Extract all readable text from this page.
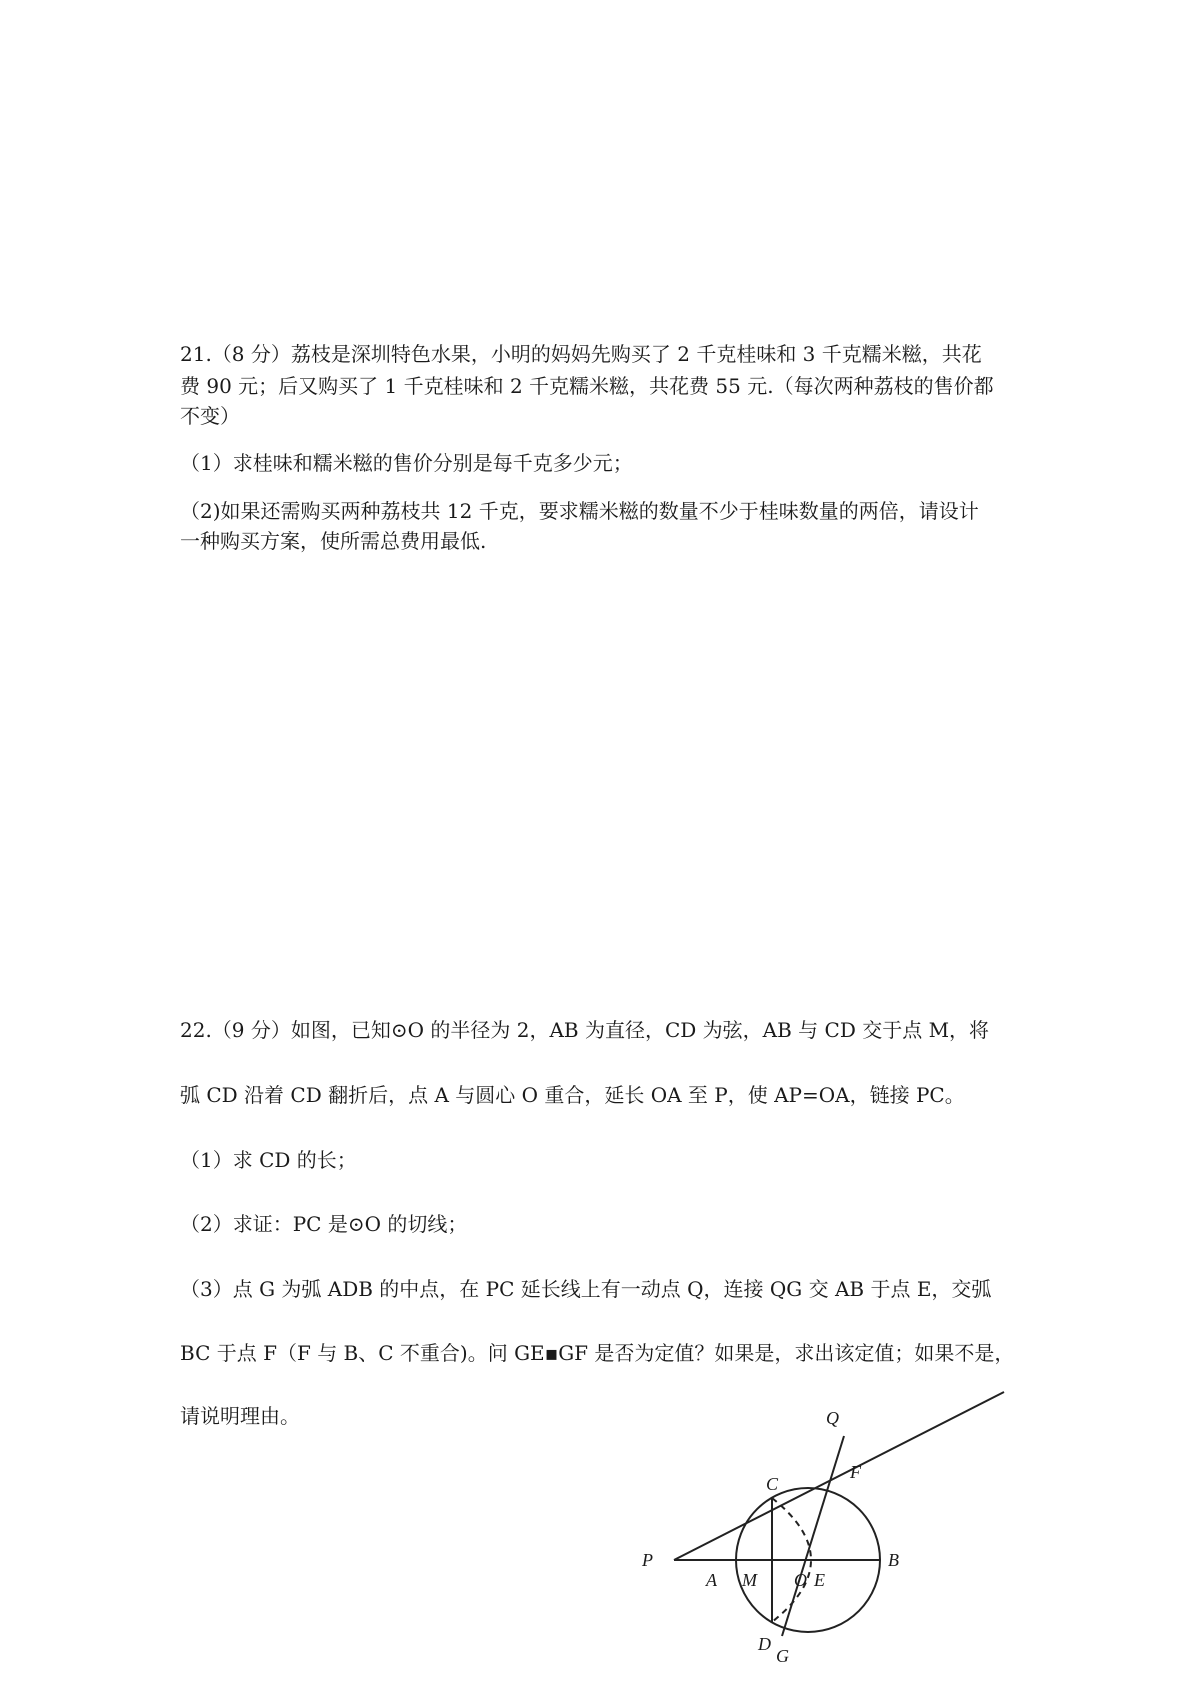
21.（8 分）荔枝是深圳特色水果，小明的妈妈先购买了 2 千克桂味和 3 千克糯米糍，共花

费 90 元；后又购买了 1 千克桂味和 2 千克糯米糍，共花费 55 元.（每次两种荔枝的售价都

不变）

（1）求桂味和糯米糍的售价分别是每千克多少元；

（2)如果还需购买两种荔枝共 12 千克，要求糯米糍的数量不少于桂味数量的两倍，请设计

一种购买方案，使所需总费用最低.

22.（9 分）如图，已知⊙O 的半径为 2，AB 为直径，CD 为弦，AB 与 CD 交于点 M，将

弧 CD 沿着 CD 翻折后，点 A 与圆心 O 重合，延长 OA 至 P，使 AP=OA，链接 PC。

（1）求 CD 的长；

（2）求证：PC 是⊙O 的切线；

（3）点 G 为弧 ADB 的中点，在 PC 延长线上有一动点 Q，连接 QG 交 AB 于点 E，交弧

BC 于点 F（F 与 B、C 不重合)。问 GE▪GF 是否为定值？如果是，求出该定值；如果不是，

请说明理由。

P
A M O E
B
C
D
Q
F
G
